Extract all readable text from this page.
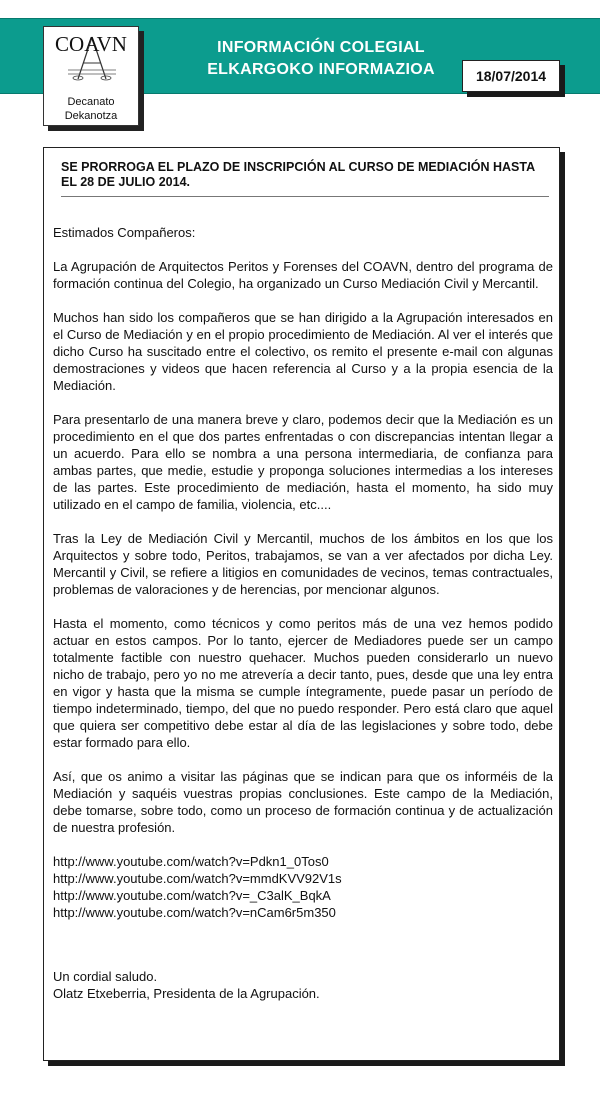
INFORMACIÓN COLEGIAL
ELKARGOKO INFORMAZIOA	18/07/2014
COAVN
Decanato
Dekanotza
SE PRORROGA EL PLAZO DE INSCRIPCIÓN AL CURSO DE MEDIACIÓN HASTA EL 28 DE JULIO 2014.

Estimados Compañeros:

La Agrupación de Arquitectos Peritos y Forenses del COAVN, dentro del programa de formación continua del Colegio, ha organizado un Curso Mediación Civil y Mercantil.

Muchos han sido los compañeros que se han dirigido a la Agrupación interesados en el Curso de Mediación y en el propio procedimiento de Mediación. Al ver el interés que dicho Curso ha suscitado entre el colectivo, os remito el presente e-mail con algunas demostraciones y videos que hacen referencia al Curso y a la propia esencia de la Mediación.

Para presentarlo de una manera breve y claro, podemos decir que la Mediación es un procedimiento en el que dos partes enfrentadas o con discrepancias intentan llegar a un acuerdo. Para ello se nombra a una persona intermediaria, de confianza para ambas partes, que medie, estudie y proponga soluciones intermedias a los intereses de las partes. Este procedimiento de mediación, hasta el momento, ha sido muy utilizado en el campo de familia, violencia, etc....

Tras la Ley de Mediación Civil y Mercantil, muchos de los ámbitos en los que los Arquitectos y sobre todo, Peritos, trabajamos, se van a ver afectados por dicha Ley. Mercantil y Civil, se refiere a litigios en comunidades de vecinos, temas contractuales, problemas de valoraciones y de herencias, por mencionar algunos.

Hasta el momento, como técnicos y como peritos más de una vez hemos podido actuar en estos campos. Por lo tanto, ejercer de Mediadores puede ser un campo totalmente factible con nuestro quehacer. Muchos pueden considerarlo un nuevo nicho de trabajo, pero yo no me atrevería a decir tanto, pues, desde que una ley entra en vigor y hasta que la misma se cumple íntegramente, puede pasar un período de tiempo indeterminado, tiempo, del que no puedo responder. Pero está claro que aquel que quiera ser competitivo debe estar al día de las legislaciones y sobre todo, debe estar formado para ello.

Así, que os animo a visitar las páginas que se indican para que os informéis de la Mediación y saquéis vuestras propias conclusiones. Este campo de la Mediación, debe tomarse, sobre todo, como un proceso de formación continua y de actualización de nuestra profesión.

http://www.youtube.com/watch?v=Pdkn1_0Tos0
http://www.youtube.com/watch?v=mmdKVV92V1s
http://www.youtube.com/watch?v=_C3alK_BqkA
http://www.youtube.com/watch?v=nCam6r5m350
Un cordial saludo.
Olatz Etxeberria, Presidenta de la Agrupación.
